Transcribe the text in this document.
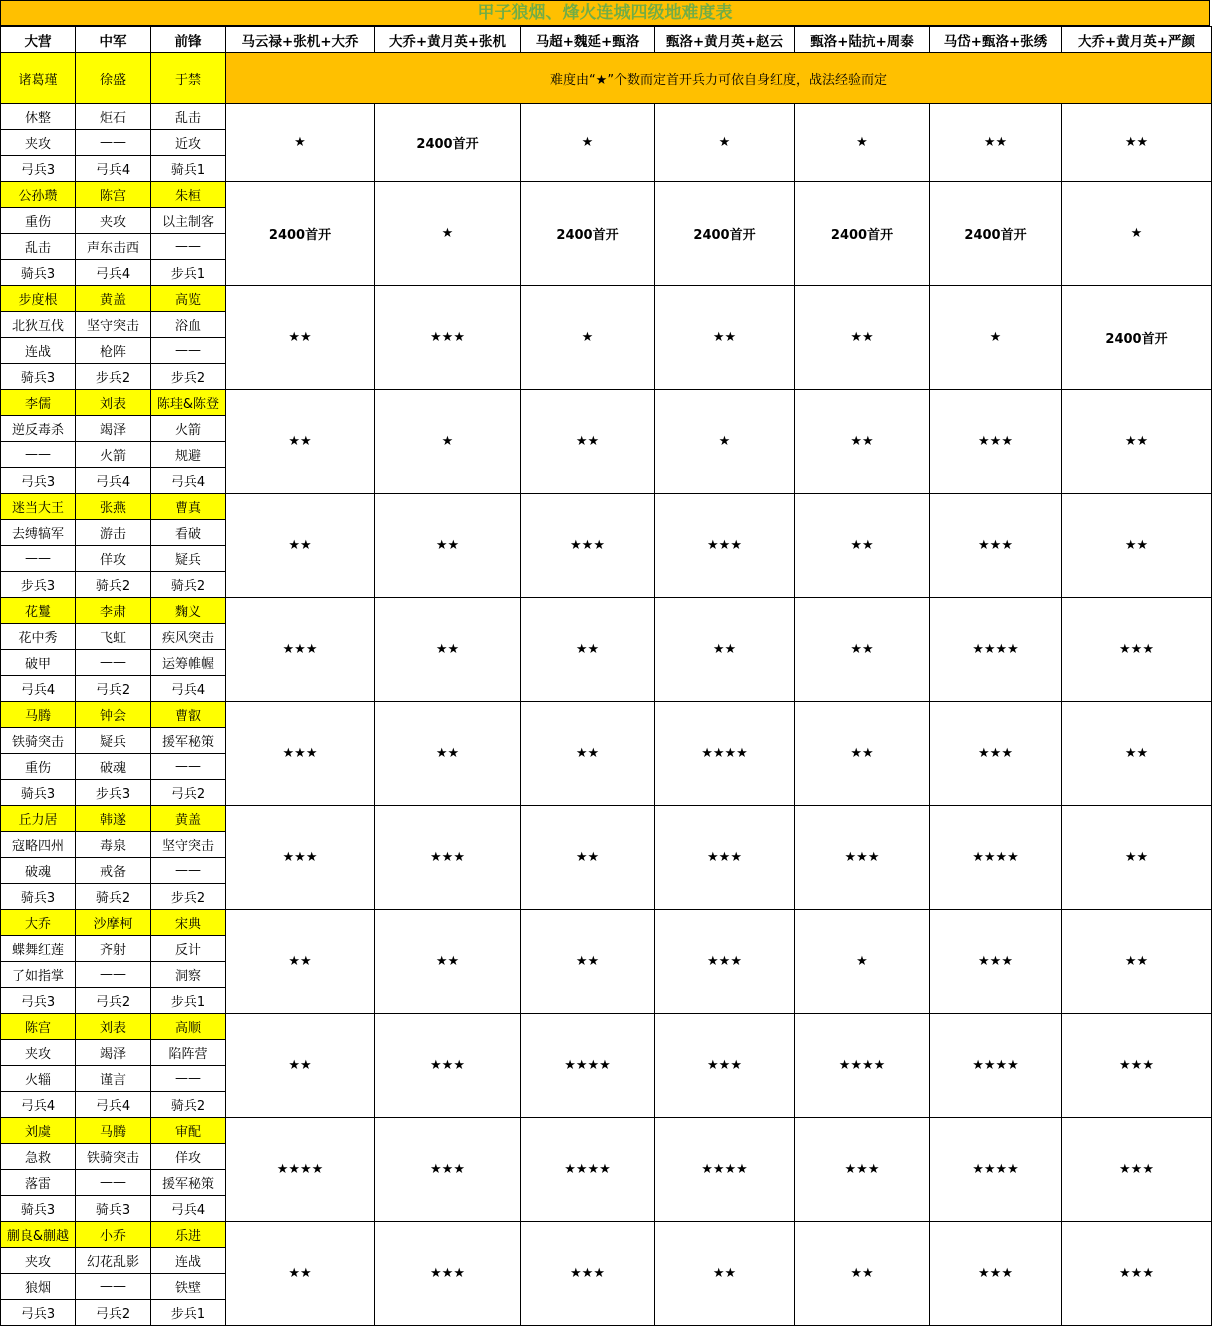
甲子狼烟、烽火连城四级地难度表
大营	中军	前锋	马云禄+张机+大乔	大乔+黄月英+张机	马超+魏延+甄洛	甄洛+黄月英+赵云	甄洛+陆抗+周泰	马岱+甄洛+张绣	大乔+黄月英+严颜
诸葛瑾	徐盛	于禁	难度由“★”个数而定首开兵力可依自身红度，战法经验而定						
休整	炬石	乱击	★	2400首开	★	★	★	★★	★★
夹攻	——	近攻							
弓兵3	弓兵4	骑兵1							
公孙瓒	陈宫	朱桓	2400首开	★	2400首开	2400首开	2400首开	2400首开	★
重伤	夹攻	以主制客							
乱击	声东击西	——							
骑兵3	弓兵4	步兵1							
步度根	黄盖	高览	★★	★★★	★	★★	★★	★	2400首开
北狄互伐	坚守突击	浴血							
连战	枪阵	——							
骑兵3	步兵2	步兵2							
李儒	刘表	陈珪&陈登	★★	★	★★	★	★★	★★★	★★
逆反毒杀	竭泽	火箭							
——	火箭	规避							
弓兵3	弓兵4	弓兵4							
迷当大王	张燕	曹真	★★	★★	★★★	★★★	★★	★★★	★★
去缚犒军	游击	看破							
——	佯攻	疑兵							
步兵3	骑兵2	骑兵2							
花鬘	李肃	麴义	★★★	★★	★★	★★	★★	★★★★	★★★
花中秀	飞虹	疾风突击							
破甲	——	运筹帷幄							
弓兵4	弓兵2	弓兵4							
马腾	钟会	曹叡	★★★	★★	★★	★★★★	★★	★★★	★★
铁骑突击	疑兵	援军秘策							
重伤	破魂	——							
骑兵3	步兵3	弓兵2							
丘力居	韩遂	黄盖	★★★	★★★	★★	★★★	★★★	★★★★	★★
寇略四州	毒泉	坚守突击							
破魂	戒备	——							
骑兵3	骑兵2	步兵2							
大乔	沙摩柯	宋典	★★	★★	★★	★★★	★	★★★	★★
蝶舞红莲	齐射	反计							
了如指掌	——	洞察							
弓兵3	弓兵2	步兵1							
陈宫	刘表	高顺	★★	★★★	★★★★	★★★	★★★★	★★★★	★★★
夹攻	竭泽	陷阵营							
火辎	谨言	——							
弓兵4	弓兵4	骑兵2							
刘虞	马腾	审配	★★★★	★★★	★★★★	★★★★	★★★	★★★★	★★★
急救	铁骑突击	佯攻							
落雷	——	援军秘策							
骑兵3	骑兵3	弓兵4							
蒯良&蒯越	小乔	乐进	★★	★★★	★★★	★★	★★	★★★	★★★
夹攻	幻花乱影	连战							
狼烟	——	铁壁							
弓兵3	弓兵2	步兵1							
